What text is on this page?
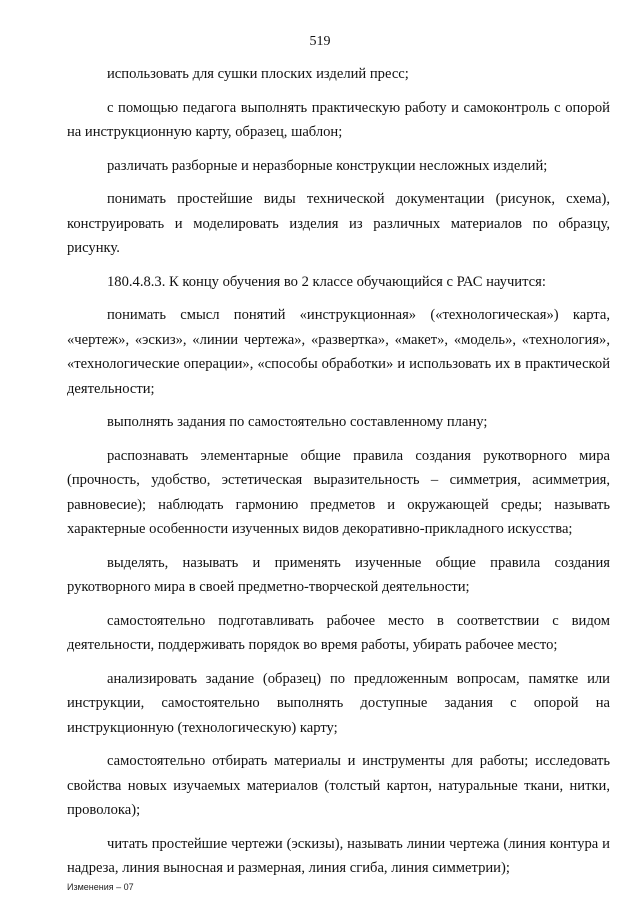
519

использовать для сушки плоских изделий пресс;

с помощью педагога выполнять практическую работу и самоконтроль с опорой на инструкционную карту, образец, шаблон;

различать разборные и неразборные конструкции несложных изделий;

понимать простейшие виды технической документации (рисунок, схема), конструировать и моделировать изделия из различных материалов по образцу, рисунку.

180.4.8.3. К концу обучения во 2 классе обучающийся с РАС научится:

понимать смысл понятий «инструкционная» («технологическая») карта, «чертеж», «эскиз», «линии чертежа», «развертка», «макет», «модель», «технология», «технологические операции», «способы обработки» и использовать их в практической деятельности;

выполнять задания по самостоятельно составленному плану;

распознавать элементарные общие правила создания рукотворного мира (прочность, удобство, эстетическая выразительность – симметрия, асимметрия, равновесие); наблюдать гармонию предметов и окружающей среды; называть характерные особенности изученных видов декоративно-прикладного искусства;

выделять, называть и применять изученные общие правила создания рукотворного мира в своей предметно-творческой деятельности;

самостоятельно подготавливать рабочее место в соответствии с видом деятельности, поддерживать порядок во время работы, убирать рабочее место;

анализировать задание (образец) по предложенным вопросам, памятке или инструкции, самостоятельно выполнять доступные задания с опорой на инструкционную (технологическую) карту;

самостоятельно отбирать материалы и инструменты для работы; исследовать свойства новых изучаемых материалов (толстый картон, натуральные ткани, нитки, проволока);

читать простейшие чертежи (эскизы), называть линии чертежа (линия контура и надреза, линия выносная и размерная, линия сгиба, линия симметрии);

Изменения – 07
